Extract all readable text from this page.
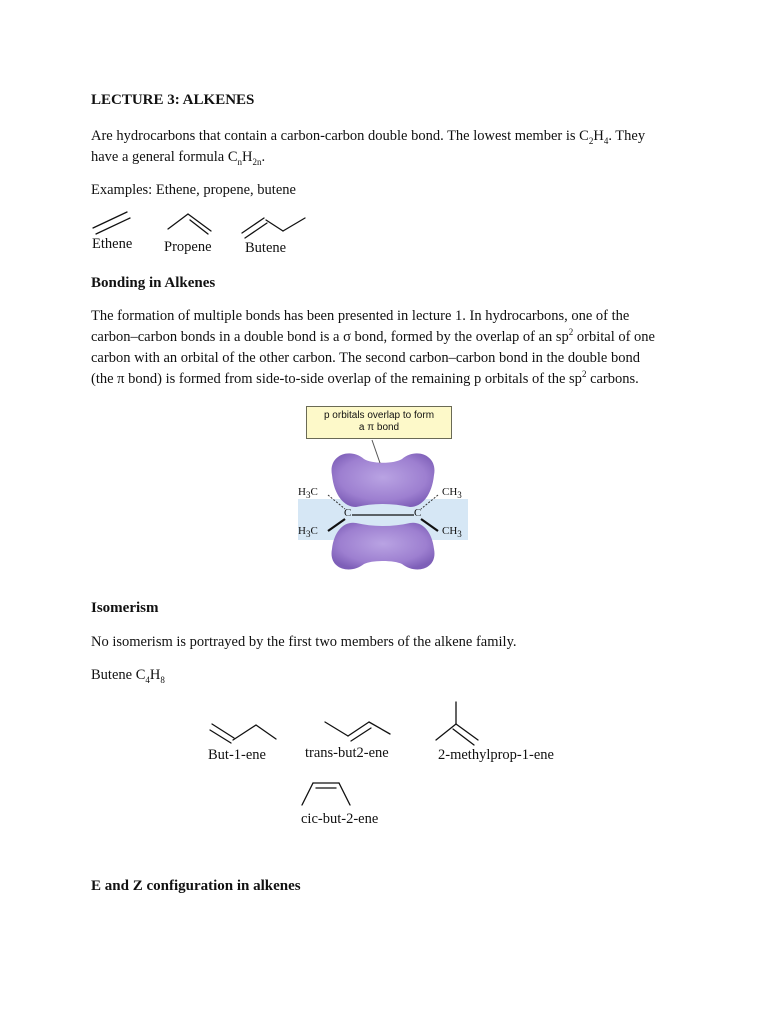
LECTURE 3: ALKENES
Are hydrocarbons that contain a carbon-carbon double bond. The lowest member is $C_2H_4$. They
have a general formula $C_nH_{2n}$.
Examples: Ethene, propene, butene
Ethene Propene Butene
Bonding in Alkenes
The formation of multiple bonds has been presented in lecture 1. In hydrocarbons, one of the
carbon–carbon bonds in a double bond is a σ bond, formed by the overlap of an $sp^2$ orbital of one
carbon with an orbital of the other carbon. The second carbon–carbon bond in the double bond
(the π bond) is formed from side-to-side overlap of the remaining p orbitals of the $sp^2$ carbons.
p orbitals overlap to form
a π bond
$H_3C$
$H_3C$
$CH_3$
$CH_3$
C	C
Isomerism
No isomerism is portrayed by the first two members of the alkene family.
Butene $C_4H_8$
But-1-ene	trans-but2-ene	2-methylprop-1-ene
cic-but-2-ene
E and Z configuration in alkenes
